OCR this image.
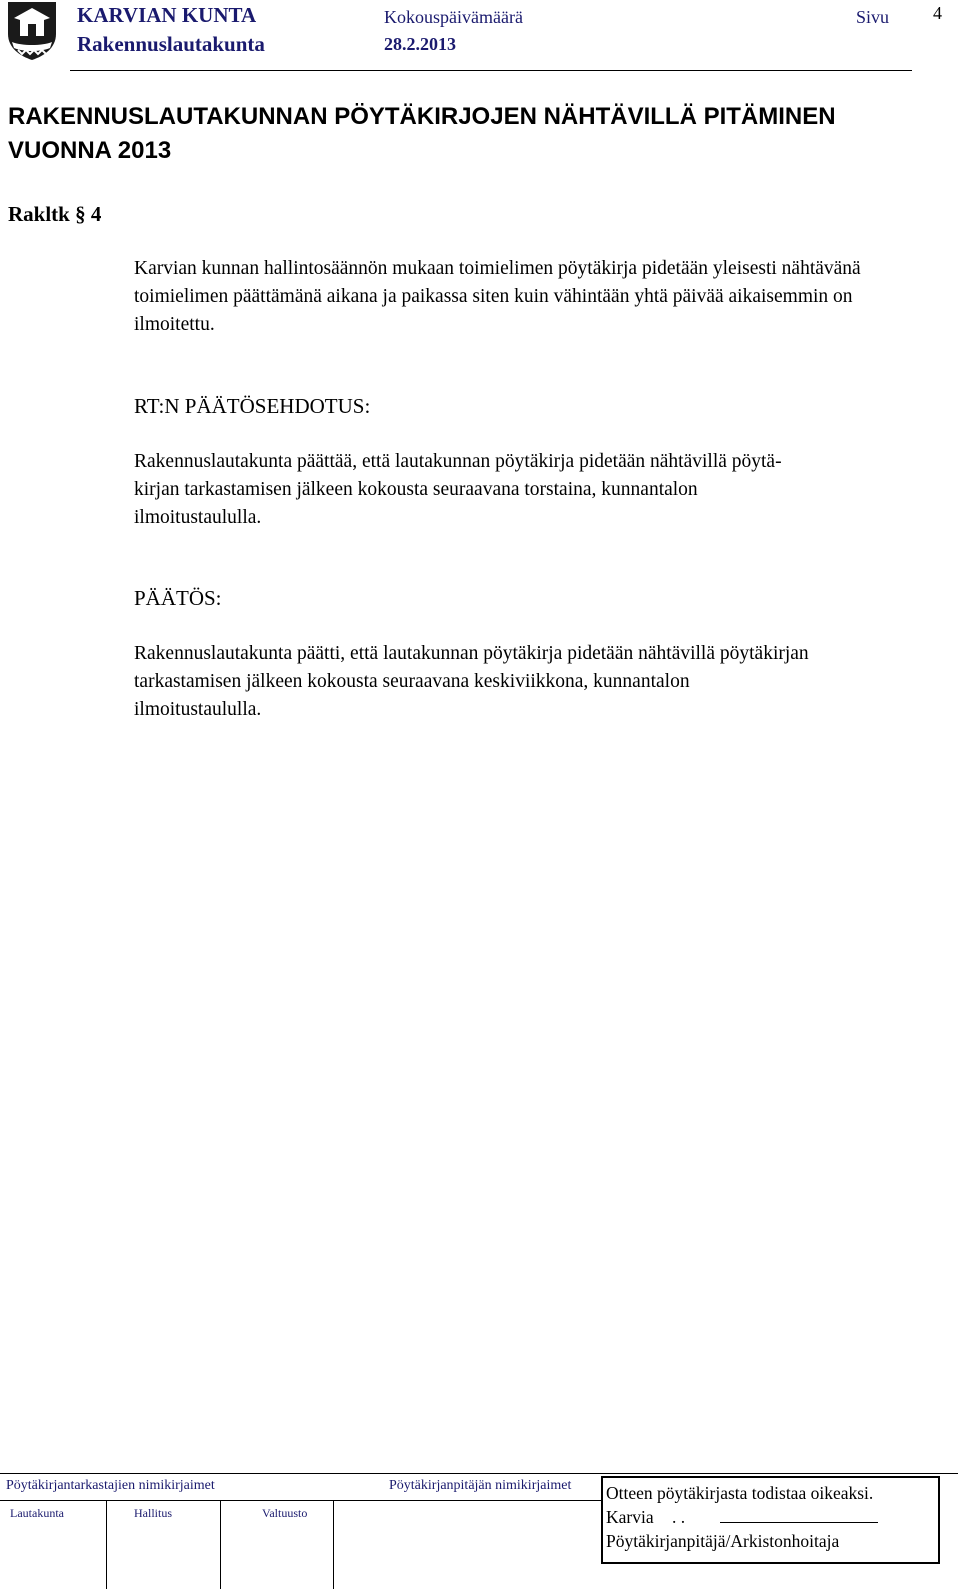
KARVIAN KUNTA
Rakennuslautakunta
Kokouspäivämäärä
28.2.2013
Sivu 4
RAKENNUSLAUTAKUNNAN PÖYTÄKIRJOJEN NÄHTÄVILLÄ PITÄMINEN
VUONNA 2013
Rakltk § 4
Karvian kunnan hallintosäännön mukaan toimielimen pöytäkirja pidetään yleisesti nähtävänä toimielimen päättämänä aikana ja paikassa siten kuin vähintään yhtä päivää aikaisemmin on ilmoitettu.
RT:N PÄÄTÖSEHDOTUS:
Rakennuslautakunta päättää, että lautakunnan pöytäkirja pidetään nähtävillä pöytä-
kirjan tarkastamisen jälkeen kokousta seuraavana torstaina, kunnantalon
ilmoitustaululla.
PÄÄTÖS:
Rakennuslautakunta päätti, että lautakunnan pöytäkirja pidetään nähtävillä pöytäkirjan
tarkastamisen jälkeen kokousta seuraavana keskiviikkona, kunnantalon
ilmoitustaululla.
Pöytäkirjantarkastajien nimikirjaimet	Pöytäkirjanpitäjän nimikirjaimet
Lautakunta	Hallitus	Valtuusto
Otteen pöytäkirjasta todistaa oikeaksi.
Karvia . .
Pöytäkirjanpitäjä/Arkistonhoitaja
